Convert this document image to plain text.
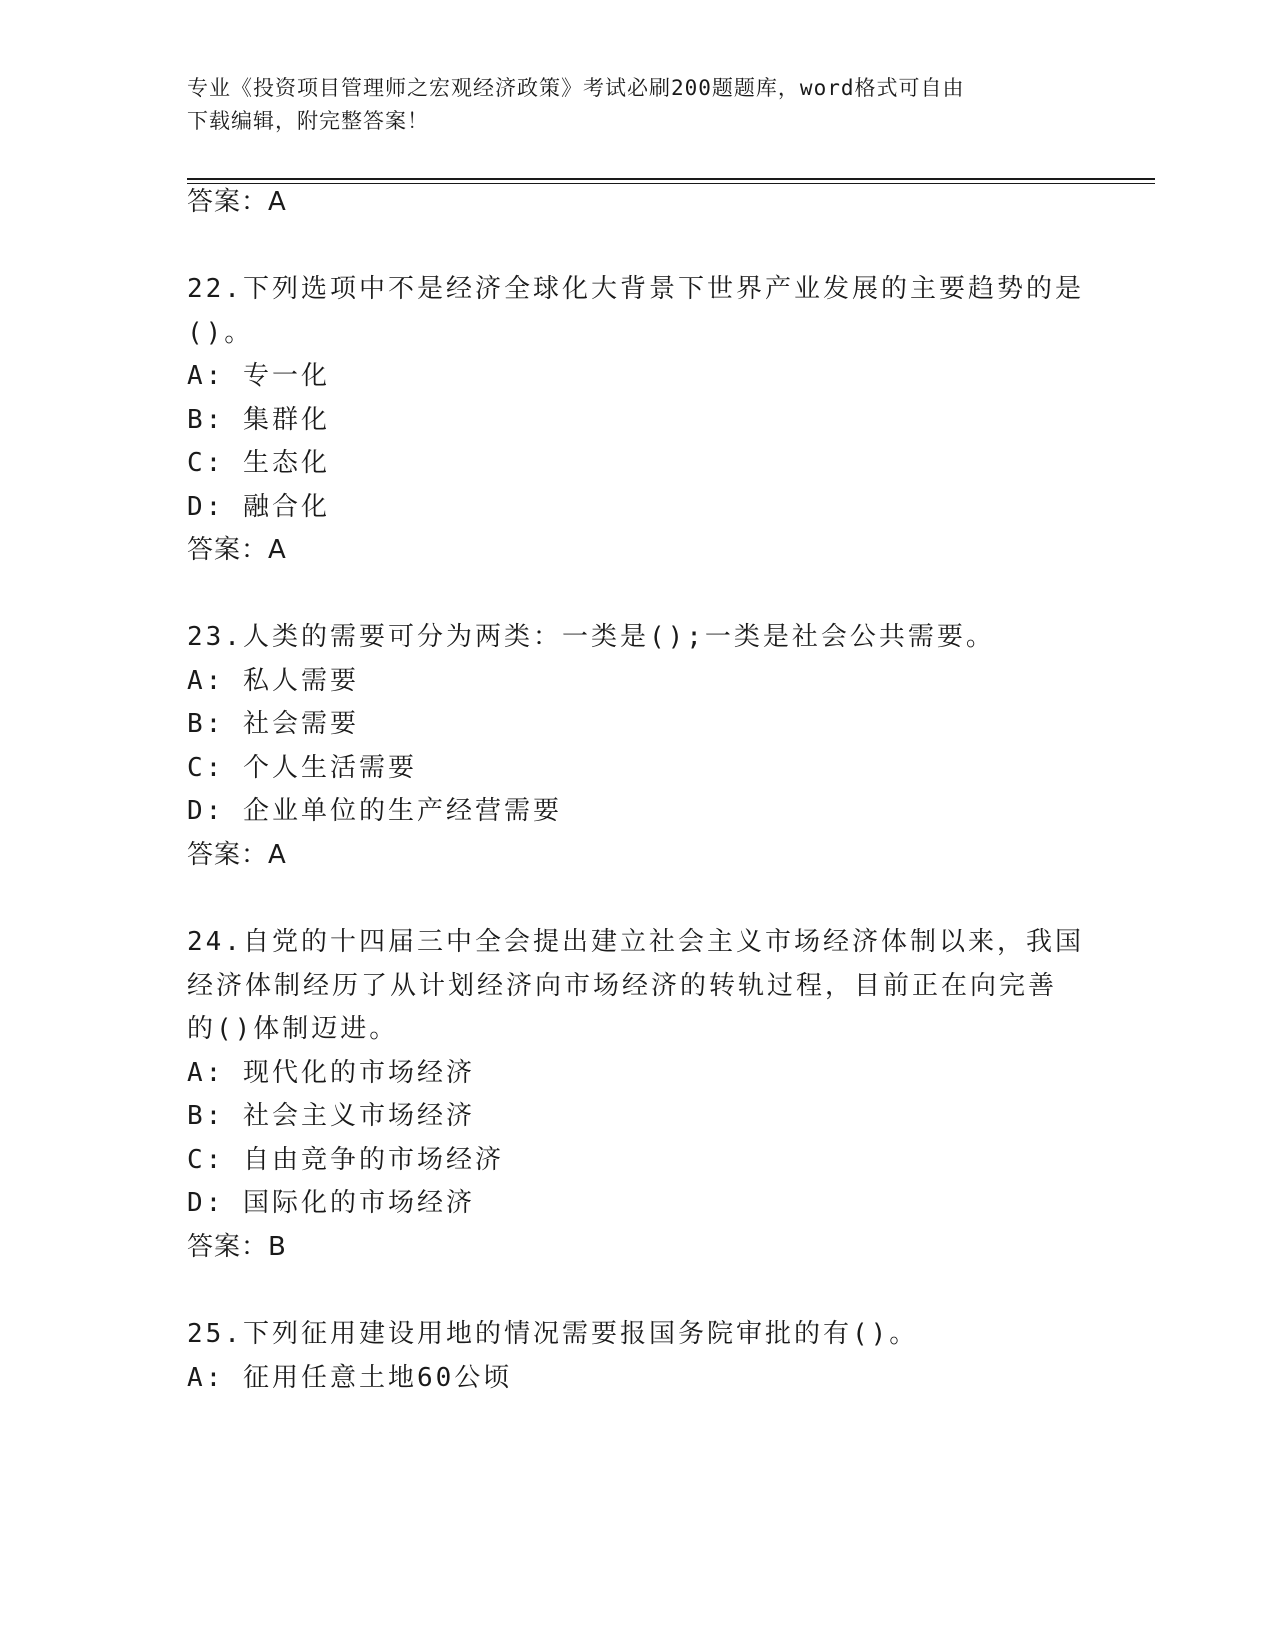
专业《投资项目管理师之宏观经济政策》考试必刷200题题库，word格式可自由
下载编辑，附完整答案！
答案：A
22.下列选项中不是经济全球化大背景下世界产业发展的主要趋势的是
()。
A: 专一化
B: 集群化
C: 生态化
D: 融合化
答案：A
23.人类的需要可分为两类：一类是();一类是社会公共需要。
A: 私人需要
B: 社会需要
C: 个人生活需要
D: 企业单位的生产经营需要
答案：A
24.自党的十四届三中全会提出建立社会主义市场经济体制以来，我国
经济体制经历了从计划经济向市场经济的转轨过程，目前正在向完善
的()体制迈进。
A: 现代化的市场经济
B: 社会主义市场经济
C: 自由竞争的市场经济
D: 国际化的市场经济
答案：B
25.下列征用建设用地的情况需要报国务院审批的有()。
A: 征用任意土地60公顷
